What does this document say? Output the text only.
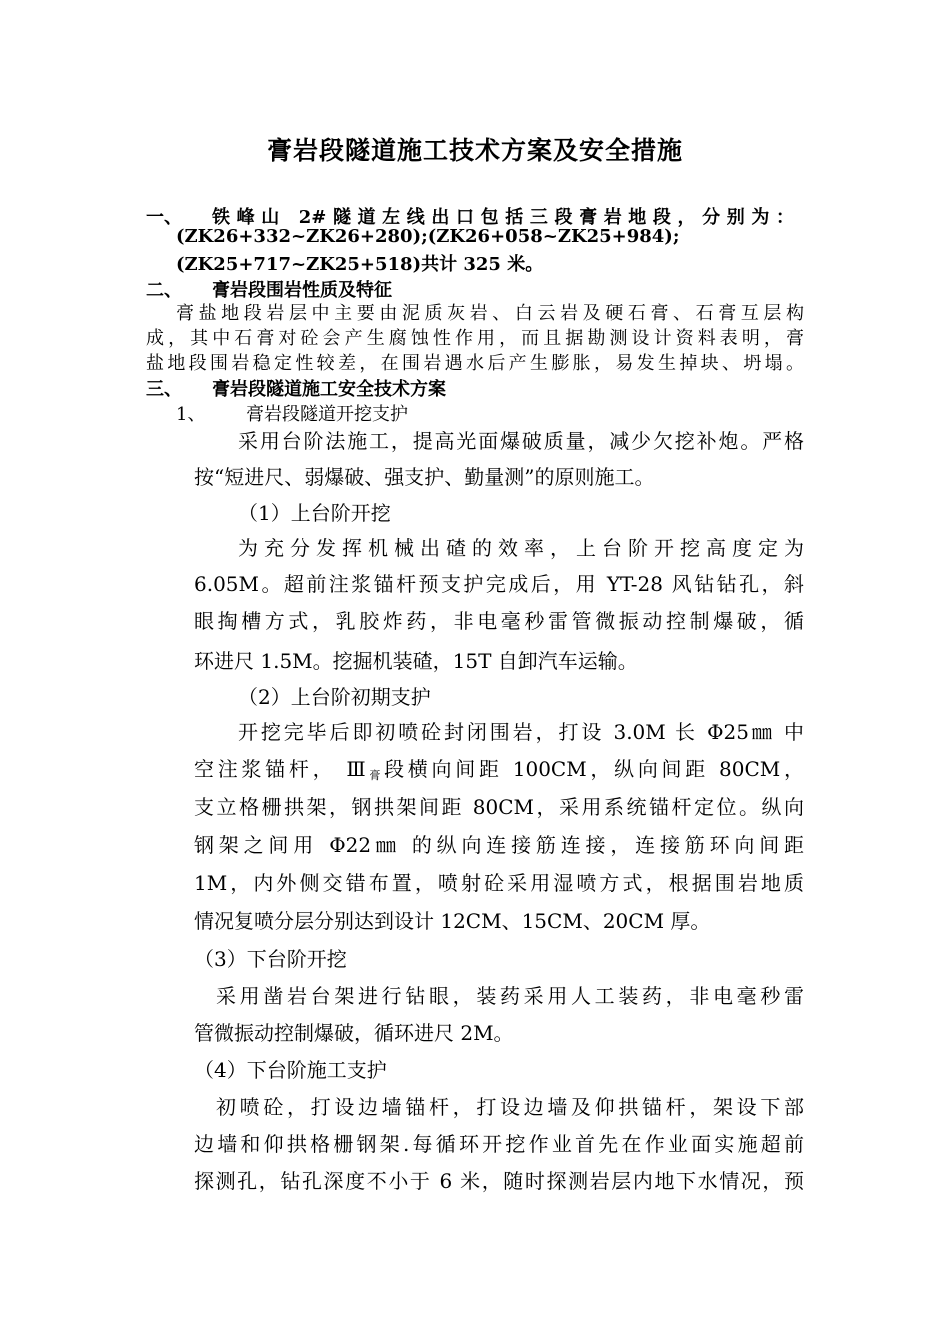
膏岩段隧道施工技术方案及安全措施
一、 铁峰山 2#隧道左线出口包括三段膏岩地段，分别为：
(ZK26+332~ZK26+280);(ZK26+058~ZK25+984);
(ZK25+717~ZK25+518)共计 325 米。
二、 膏岩段围岩性质及特征
膏盐地段岩层中主要由泥质灰岩、白云岩及硬石膏、石膏互层构
成，其中石膏对砼会产生腐蚀性作用，而且据勘测设计资料表明，膏
盐地段围岩稳定性较差，在围岩遇水后产生膨胀，易发生掉块、坍塌。
三、 膏岩段隧道施工安全技术方案
1、 膏岩段隧道开挖支护
采用台阶法施工，提高光面爆破质量，减少欠挖补炮。严格
按“短进尺、弱爆破、强支护、勤量测”的原则施工。
（1）上台阶开挖
为充分发挥机械出碴的效率，上台阶开挖高度定为
6.05M。超前注浆锚杆预支护完成后，用 YT-28 风钻钻孔，斜
眼掏槽方式，乳胶炸药，非电毫秒雷管微振动控制爆破，循
环进尺 1.5M。挖掘机装碴，15T 自卸汽车运输。
（2）上台阶初期支护
开挖完毕后即初喷砼封闭围岩，打设 3.0M 长 Φ25㎜ 中
空注浆锚杆， $Ⅲ_膏$段横向间距 100CM，纵向间距 80CM，
支立格栅拱架，钢拱架间距 80CM，采用系统锚杆定位。纵向
钢架之间用 Φ22㎜ 的纵向连接筋连接，连接筋环向间距
1M，内外侧交错布置，喷射砼采用湿喷方式，根据围岩地质
情况复喷分层分别达到设计 12CM、15CM、20CM 厚。
（3）下台阶开挖
采用凿岩台架进行钻眼，装药采用人工装药，非电毫秒雷
管微振动控制爆破，循环进尺 2M。
（4）下台阶施工支护
初喷砼，打设边墙锚杆，打设边墙及仰拱锚杆，架设下部
边墙和仰拱格栅钢架.每循环开挖作业首先在作业面实施超前
探测孔，钻孔深度不小于 6 米，随时探测岩层内地下水情况，预
